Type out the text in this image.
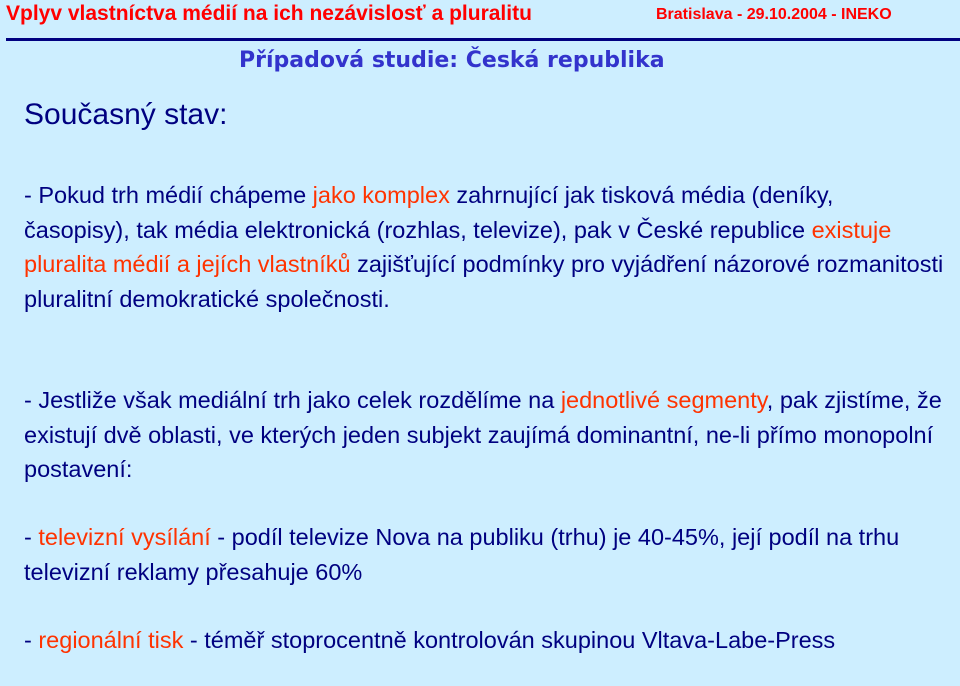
Vplyv vlastníctva médií na ich nezávislosť a pluralitu	Bratislava - 29.10.2004 - INEKO
Případová studie: Česká republika
Současný stav:
- Pokud trh médií chápeme jako komplex zahrnující jak tisková média (deníky, časopisy), tak média elektronická (rozhlas, televize), pak v České republice existuje pluralita médií a jejích vlastníků zajišťující podmínky pro vyjádření názorové rozmanitosti pluralitní demokratické společnosti.
- Jestliže však mediální trh jako celek rozdělíme na jednotlivé segmenty, pak zjistíme, že existují dvě oblasti, ve kterých jeden subjekt zaujímá dominantní, ne-li přímo monopolní postavení:
- televizní vysílání - podíl televize Nova na publiku (trhu) je 40-45%, její podíl na trhu televizní reklamy přesahuje 60%
- regionální tisk - téměř stoprocentně kontrolován skupinou Vltava-Labe-Press
